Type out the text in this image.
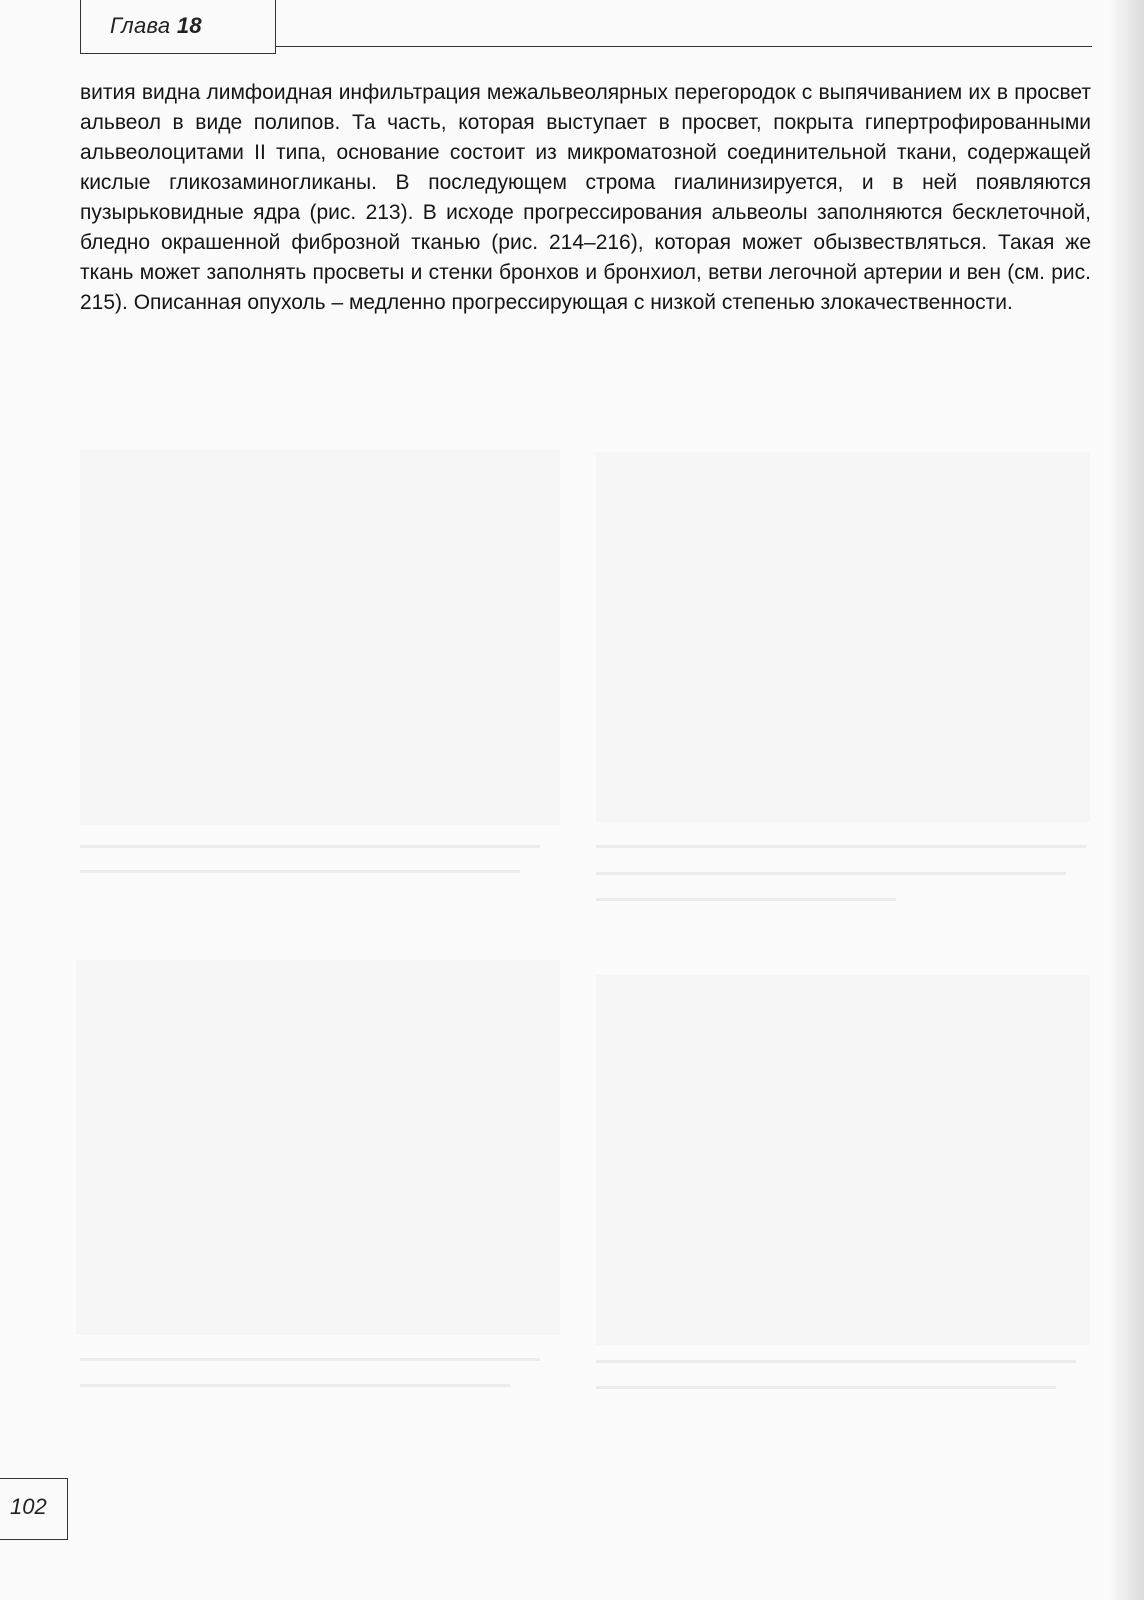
Глава 18

вития видна лимфоидная инфильтрация межальвеолярных перегородок с выпячиванием их в просвет альвеол в виде полипов. Та часть, которая выступает в просвет, покрыта гипертрофированными альвеолоцитами II типа, основание состоит из микроматозной соединительной ткани, содержащей кислые гликозаминогликаны. В последующем строма гиалинизируется, и в ней появляются пузырьковидные ядра (рис. 213). В исходе прогрессирования альвеолы заполняются бесклеточной, бледно окрашенной фиброзной тканью (рис. 214–216), которая может обызвествляться. Такая же ткань может заполнять просветы и стенки бронхов и бронхиол, ветви легочной артерии и вен (см. рис. 215). Описанная опухоль – медленно прогрессирующая с низкой степенью злокачественности.

102
